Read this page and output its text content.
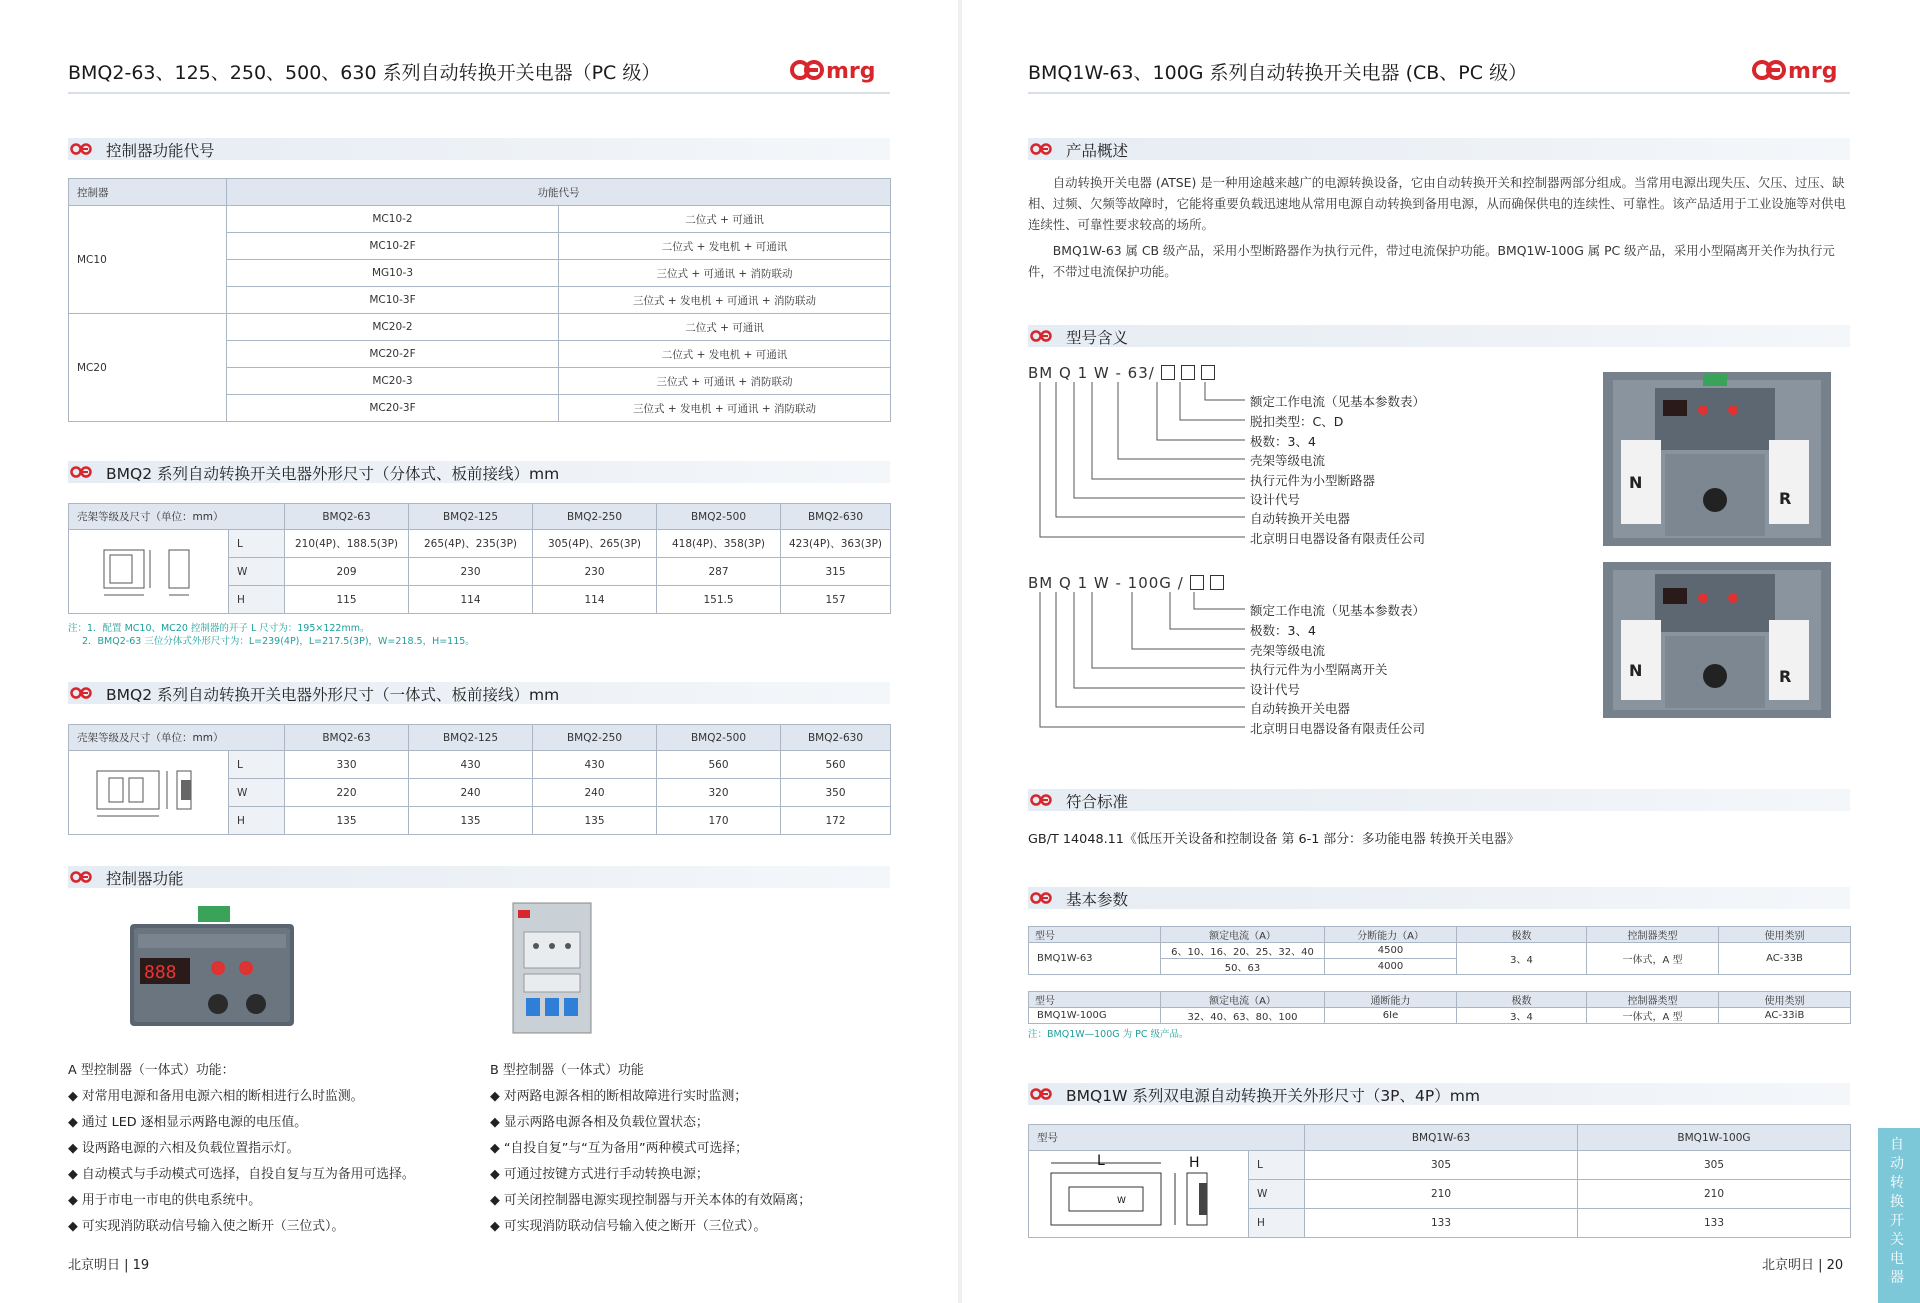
BMQ2-63、125、250、500、630 系列自动转换开关电器（PC 级）	mrg
控制器功能代号
控制器	功能代号	
MC10	MC10-2	二位式 + 可通讯
	MC10-2F	二位式 + 发电机 + 可通讯
	MG10-3	三位式 + 可通讯 + 消防联动
	MC10-3F	三位式 + 发电机 + 可通讯 + 消防联动
MC20	MC20-2	二位式 + 可通讯
	MC20-2F	二位式 + 发电机 + 可通讯
	MC20-3	三位式 + 可通讯 + 消防联动
	MC20-3F	三位式 + 发电机 + 可通讯 + 消防联动
BMQ2 系列自动转换开关电器外形尺寸（分体式、板前接线）mm
壳架等级及尺寸（单位：mm）		BMQ2-63	BMQ2-125	BMQ2-250	BMQ2-500	BMQ2-630
	L	210(4P)、188.5(3P)	265(4P)、235(3P)	305(4P)、265(3P)	418(4P)、358(3P)	423(4P)、363(3P)
	W	209	230	230	287	315
	H	115	114	114	151.5	157
注：1．配置 MC10、MC20 控制器的开子 L 尺寸为：195×122mm。
2．BMQ2-63 三位分体式外形尺寸为：L=239(4P)，L=217.5(3P)，W=218.5，H=115。
BMQ2 系列自动转换开关电器外形尺寸（一体式、板前接线）mm
壳架等级及尺寸（单位：mm）		BMQ2-63	BMQ2-125	BMQ2-250	BMQ2-500	BMQ2-630
	L	330	430	430	560	560
	W	220	240	240	320	350
	H	135	135	135	170	172
控制器功能
888
A 型控制器（一体式）功能：
◆ 对常用电源和备用电源六相的断相进行么时监测。
◆ 通过 LED 逐相显示两路电源的电压值。
◆ 设两路电源的六相及负载位置指示灯。
◆ 自动模式与手动模式可选择，自投自复与互为备用可选择。
◆ 用于市电一市电的供电系统中。
◆ 可实现消防联动信号输入使之断开（三位式）。
B 型控制器（一体式）功能
◆ 对两路电源各相的断相故障进行实时监测；
◆ 显示两路电源各相及负载位置状态；
◆ “自投自复”与“互为备用”两种模式可选择；
◆ 可通过按键方式进行手动转换电源；
◆ 可关闭控制器电源实现控制器与开关本体的有效隔离；
◆ 可实现消防联动信号输入使之断开（三位式）。
北京明日 | 19
BMQ1W-63、100G 系列自动转换开关电器 (CB、PC 级）	mrg
产品概述

自动转换开关电器 (ATSE) 是一种用途越来越广的电源转换设备，它由自动转换开关和控制器两部分组成。当常用电源出现失压、欠压、过压、缺相、过频、欠频等故障时，它能将重要负载迅速地从常用电源自动转换到备用电源，从而确保供电的连续性、可靠性。该产品适用于工业设施等对供电连续性、可靠性要求较高的场所。

BMQ1W-63 属 CB 级产品，采用小型断路器作为执行元件，带过电流保护功能。BMQ1W-100G 属 PC 级产品，采用小型隔离开关作为执行元件，不带过电流保护功能。

型号含义
BM Q 1 W - 63/
额定工作电流（见基本参数表）
脱扣类型：C、D
极数：3、4
壳架等级电流
执行元件为小型断路器
设计代号
自动转换开关电器
北京明日电器设备有限责任公司
BM Q 1 W - 100G /
额定工作电流（见基本参数表）
极数：3、4
壳架等级电流
执行元件为小型隔离开关
设计代号
自动转换开关电器
北京明日电器设备有限责任公司
N
R
N	R
符合标准
GB/T 14048.11《低压开关设备和控制设备 第 6-1 部分：多功能电器 转换开关电器》
基本参数
型号	额定电流（A）	分断能力（A）	极数	控制器类型	使用类别
BMQ1W-63	6、10、16、20、25、32、40	4500	3、4	一体式，A 型	AC-33B
	50、63	4000			
型号	额定电流（A）	通断能力	极数	控制器类型	使用类别
BMQ1W-100G	32、40、63、80、100	6Ie	3、4	一体式，A 型	AC-33iB
注：BMQ1W—100G 为 PC 级产品。
BMQ1W 系列双电源自动转换开关外形尺寸（3P、4P）mm
型号		BMQ1W-63	BMQ1W-100G

L
W
H	L	305	305
	W	210	210
	H	133	133
北京明日 | 20
自动转换开关电器
